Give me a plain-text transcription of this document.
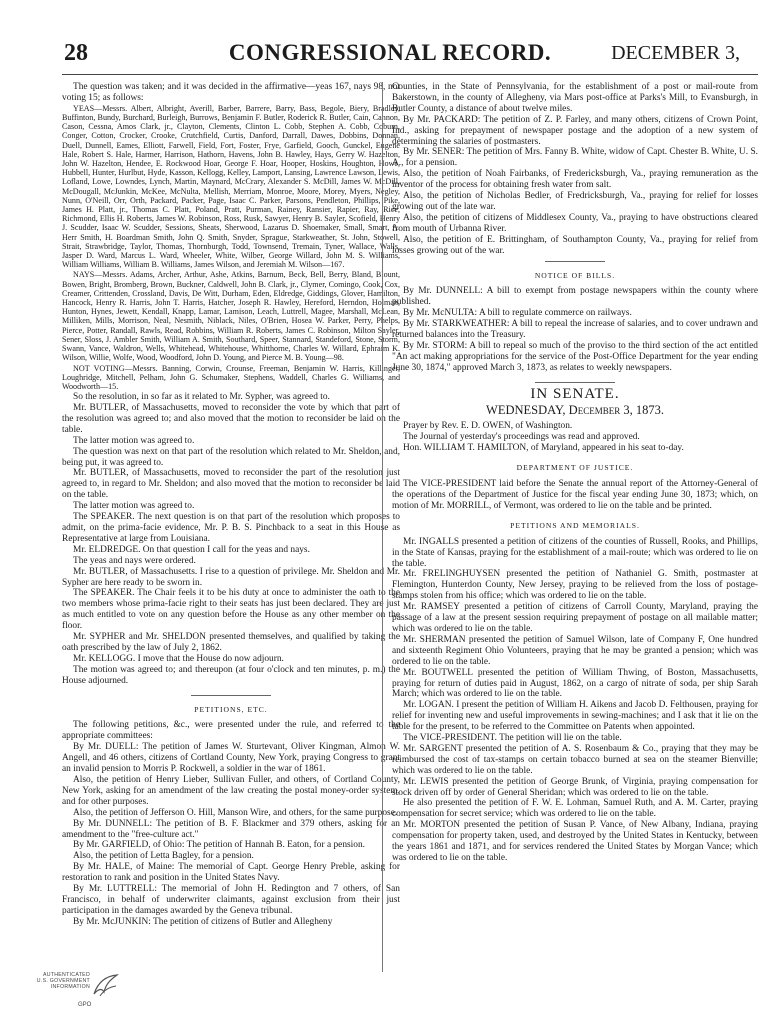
28	CONGRESSIONAL RECORD.	DECEMBER 3,

The question was taken; and it was decided in the affirmative—yeas 167, nays 98, not voting 15; as follows:

YEAS—Messrs. Albert, Albright, Averill, Barber, Barrere, Barry, Bass, Begole, Biery, Bradley, Buffinton, Bundy, Burchard, Burleigh, Burrows, Benjamin F. Butler, Roderick R. Butler, Cain, Cannon, Cason, Cessna, Amos Clark, jr., Clayton, Clements, Clinton L. Cobb, Stephen A. Cobb, Coburn, Conger, Cotton, Crocker, Crooke, Crutchfield, Curtis, Danford, Darrall, Dawes, Dobbins, Donnan, Duell, Dunnell, Eames, Elliott, Farwell, Field, Fort, Foster, Frye, Garfield, Gooch, Gunckel, Eugene Hale, Robert S. Hale, Harmer, Harrison, Hathorn, Havens, John B. Hawley, Hays, Gerry W. Hazelton, John W. Hazelton, Hendee, E. Rockwood Hoar, George F. Hoar, Hooper, Hoskins, Houghton, Howe, Hubbell, Hunter, Hurlbut, Hyde, Kasson, Kellogg, Kelley, Lamport, Lansing, Lawrence Lawson, Lewis, Lofland, Lowe, Lowndes, Lynch, Martin, Maynard, McCrary, Alexander S. McDill, James W. McDill, McDougall, McJunkin, McKee, McNulta, Mellish, Merriam, Monroe, Moore, Morey, Myers, Negley, Nunn, O'Neill, Orr, Orth, Packard, Packer, Page, Isaac C. Parker, Parsons, Pendleton, Phillips, Pike, James H. Platt, jr., Thomas C. Platt, Poland, Pratt, Purman, Rainey, Ransier, Rapier, Ray, Rice, Richmond, Ellis H. Roberts, James W. Robinson, Ross, Rusk, Sawyer, Henry B. Sayler, Scofield, Henry J. Scudder, Isaac W. Scudder, Sessions, Sheats, Sherwood, Lazarus D. Shoemaker, Small, Smart, A. Herr Smith, H. Boardman Smith, John Q. Smith, Snyder, Sprague, Starkweather, St. John, Stowell, Strait, Strawbridge, Taylor, Thomas, Thornburgh, Todd, Townsend, Tremain, Tyner, Wallace, Walls, Jasper D. Ward, Marcus L. Ward, Wheeler, White, Wilber, George Willard, John M. S. Williams, William Williams, William B. Williams, James Wilson, and Jeremiah M. Wilson—167.

NAYS—Messrs. Adams, Archer, Arthur, Ashe, Atkins, Barnum, Beck, Bell, Berry, Bland, Blount, Bowen, Bright, Bromberg, Brown, Buckner, Caldwell, John B. Clark, jr., Clymer, Comingo, Cook, Cox, Creamer, Crittenden, Crossland, Davis, De Witt, Durham, Eden, Eldredge, Giddings, Glover, Hamilton, Hancock, Henry R. Harris, John T. Harris, Hatcher, Joseph R. Hawley, Hereford, Herndon, Holman, Hunton, Hynes, Jewett, Kendall, Knapp, Lamar, Lamison, Leach, Luttrell, Magee, Marshall, McLean, Milliken, Mills, Morrison, Neal, Nesmith, Niblack, Niles, O'Brien, Hosea W. Parker, Perry, Phelps, Pierce, Potter, Randall, Rawls, Read, Robbins, William R. Roberts, James C. Robinson, Milton Sayler, Sener, Sloss, J. Ambler Smith, William A. Smith, Southard, Speer, Stannard, Standeford, Stone, Storm, Swann, Vance, Waldron, Wells, Whitehead, Whitehouse, Whitthorne, Charles W. Willard, Ephraim K. Wilson, Willie, Wolfe, Wood, Woodford, John D. Young, and Pierce M. B. Young—98.

NOT VOTING—Messrs. Banning, Corwin, Crounse, Freeman, Benjamin W. Harris, Killinger, Loughridge, Mitchell, Pelham, John G. Schumaker, Stephens, Waddell, Charles G. Williams, and Woodworth—15.

So the resolution, in so far as it related to Mr. Sypher, was agreed to.

Mr. BUTLER, of Massachusetts, moved to reconsider the vote by which that part of the resolution was agreed to; and also moved that the motion to reconsider be laid on the table.

The latter motion was agreed to.

The question was next on that part of the resolution which related to Mr. Sheldon, and, being put, it was agreed to.

Mr. BUTLER, of Massachusetts, moved to reconsider the part of the resolution just agreed to, in regard to Mr. Sheldon; and also moved that the motion to reconsider be laid on the table.

The latter motion was agreed to.

The SPEAKER. The next question is on that part of the resolution which proposes to admit, on the prima-facie evidence, Mr. P. B. S. Pinchback to a seat in this House as Representative at large from Louisiana.

Mr. ELDREDGE. On that question I call for the yeas and nays.

The yeas and nays were ordered.

Mr. BUTLER, of Massachusetts. I rise to a question of privilege. Mr. Sheldon and Mr. Sypher are here ready to be sworn in.

The SPEAKER. The Chair feels it to be his duty at once to administer the oath to the two members whose prima-facie right to their seats has just been declared. They are just as much entitled to vote on any question before the House as any other member on the floor.

Mr. SYPHER and Mr. SHELDON presented themselves, and qualified by taking the oath prescribed by the law of July 2, 1862.

Mr. KELLOGG. I move that the House do now adjourn.

The motion was agreed to; and thereupon (at four o'clock and ten minutes, p. m.) the House adjourned.

PETITIONS, ETC.

The following petitions, &c., were presented under the rule, and referred to the appropriate committees:

By Mr. DUELL: The petition of James W. Sturtevant, Oliver Kingman, Almon W. Angell, and 46 others, citizens of Cortland County, New York, praying Congress to grant an invalid pension to Morris P. Rockwell, a soldier in the war of 1861.

Also, the petition of Henry Lieber, Sullivan Fuller, and others, of Cortland County, New York, asking for an amendment of the law creating the postal money-order system, and for other purposes.

Also, the petition of Jefferson O. Hill, Manson Wire, and others, for the same purpose.

By Mr. DUNNELL: The petition of B. F. Blackmer and 379 others, asking for an amendment to the "free-culture act."

By Mr. GARFIELD, of Ohio: The petition of Hannah B. Eaton, for a pension.

Also, the petition of Letta Bagley, for a pension.

By Mr. HALE, of Maine: The memorial of Capt. George Henry Preble, asking for restoration to rank and position in the United States Navy.

By Mr. LUTTRELL: The memorial of John H. Redington and 7 others, of San Francisco, in behalf of underwriter claimants, against exclusion from their just participation in the damages awarded by the Geneva tribunal.

By Mr. McJUNKIN: The petition of citizens of Butler and Allegheny

Counties, in the State of Pennsylvania, for the establishment of a post or mail-route from Bakerstown, in the county of Allegheny, via Mars post-office at Parks's Mill, to Evansburgh, in Butler County, a distance of about twelve miles.

By Mr. PACKARD: The petition of Z. P. Farley, and many others, citizens of Crown Point, Ind., asking for prepayment of newspaper postage and the adoption of a new system of determining the salaries of postmasters.

By Mr. SENER: The petition of Mrs. Fanny B. White, widow of Capt. Chester B. White, U. S. A., for a pension.

Also, the petition of Noah Fairbanks, of Fredericksburgh, Va., praying remuneration as the inventor of the process for obtaining fresh water from salt.

Also, the petition of Nicholas Bedler, of Fredricksburgh, Va., praying for relief for losses growing out of the late war.

Also, the petition of citizens of Middlesex County, Va., praying to have obstructions cleared from mouth of Urbanna River.

Also, the petition of E. Brittingham, of Southampton County, Va., praying for relief from losses growing out of the war.

NOTICE OF BILLS.

By Mr. DUNNELL: A bill to exempt from postage newspapers within the county where published.

By Mr. McNULTA: A bill to regulate commerce on railways.

By Mr. STARKWEATHER: A bill to repeal the increase of salaries, and to cover undrawn and returned balances into the Treasury.

By Mr. STORM: A bill to repeal so much of the proviso to the third section of the act entitled "An act making appropriations for the service of the Post-Office Department for the year ending June 30, 1874," approved March 3, 1873, as relates to weekly newspapers.

IN SENATE.

WEDNESDAY, December 3, 1873.

Prayer by Rev. E. D. OWEN, of Washington.

The Journal of yesterday's proceedings was read and approved.

Hon. WILLIAM T. HAMILTON, of Maryland, appeared in his seat to-day.

DEPARTMENT OF JUSTICE.

The VICE-PRESIDENT laid before the Senate the annual report of the Attorney-General of the operations of the Department of Justice for the fiscal year ending June 30, 1873; which, on motion of Mr. MORRILL, of Vermont, was ordered to lie on the table and be printed.

PETITIONS AND MEMORIALS.

Mr. INGALLS presented a petition of citizens of the counties of Russell, Rooks, and Phillips, in the State of Kansas, praying for the establishment of a mail-route; which was ordered to lie on the table.

Mr. FRELINGHUYSEN presented the petition of Nathaniel G. Smith, postmaster at Flemington, Hunterdon County, New Jersey, praying to be relieved from the loss of postage-stamps stolen from his office; which was ordered to lie on the table.

Mr. RAMSEY presented a petition of citizens of Carroll County, Maryland, praying the passage of a law at the present session requiring prepayment of postage on all mailable matter; which was ordered to lie on the table.

Mr. SHERMAN presented the petition of Samuel Wilson, late of Company F, One hundred and sixteenth Regiment Ohio Volunteers, praying that he may be granted a pension; which was ordered to lie on the table.

Mr. BOUTWELL presented the petition of William Thwing, of Boston, Massachusetts, praying for return of duties paid in August, 1862, on a cargo of nitrate of soda, per ship Sarah March; which was ordered to lie on the table.

Mr. LOGAN. I present the petition of William H. Aikens and Jacob D. Felthousen, praying for relief for inventing new and useful improvements in sewing-machines; and I ask that it lie on the table for the present, to be referred to the Committee on Patents when appointed.

The VICE-PRESIDENT. The petition will lie on the table.

Mr. SARGENT presented the petition of A. S. Rosenbaum & Co., praying that they may be reimbursed the cost of tax-stamps on certain tobacco burned at sea on the steamer Bienville; which was ordered to lie on the table.

Mr. LEWIS presented the petition of George Brunk, of Virginia, praying compensation for stock driven off by order of General Sheridan; which was ordered to lie on the table.

He also presented the petition of F. W. E. Lohman, Samuel Ruth, and A. M. Carter, praying compensation for secret service; which was ordered to lie on the table.

Mr. MORTON presented the petition of Susan P. Vance, of New Albany, Indiana, praying compensation for property taken, used, and destroyed by the United States in Kentucky, between the years 1861 and 1871, and for services rendered the United States by Morgan Vance; which was ordered to lie on the table.

AUTHENTICATED
U.S. GOVERNMENT
INFORMATION
GPO
